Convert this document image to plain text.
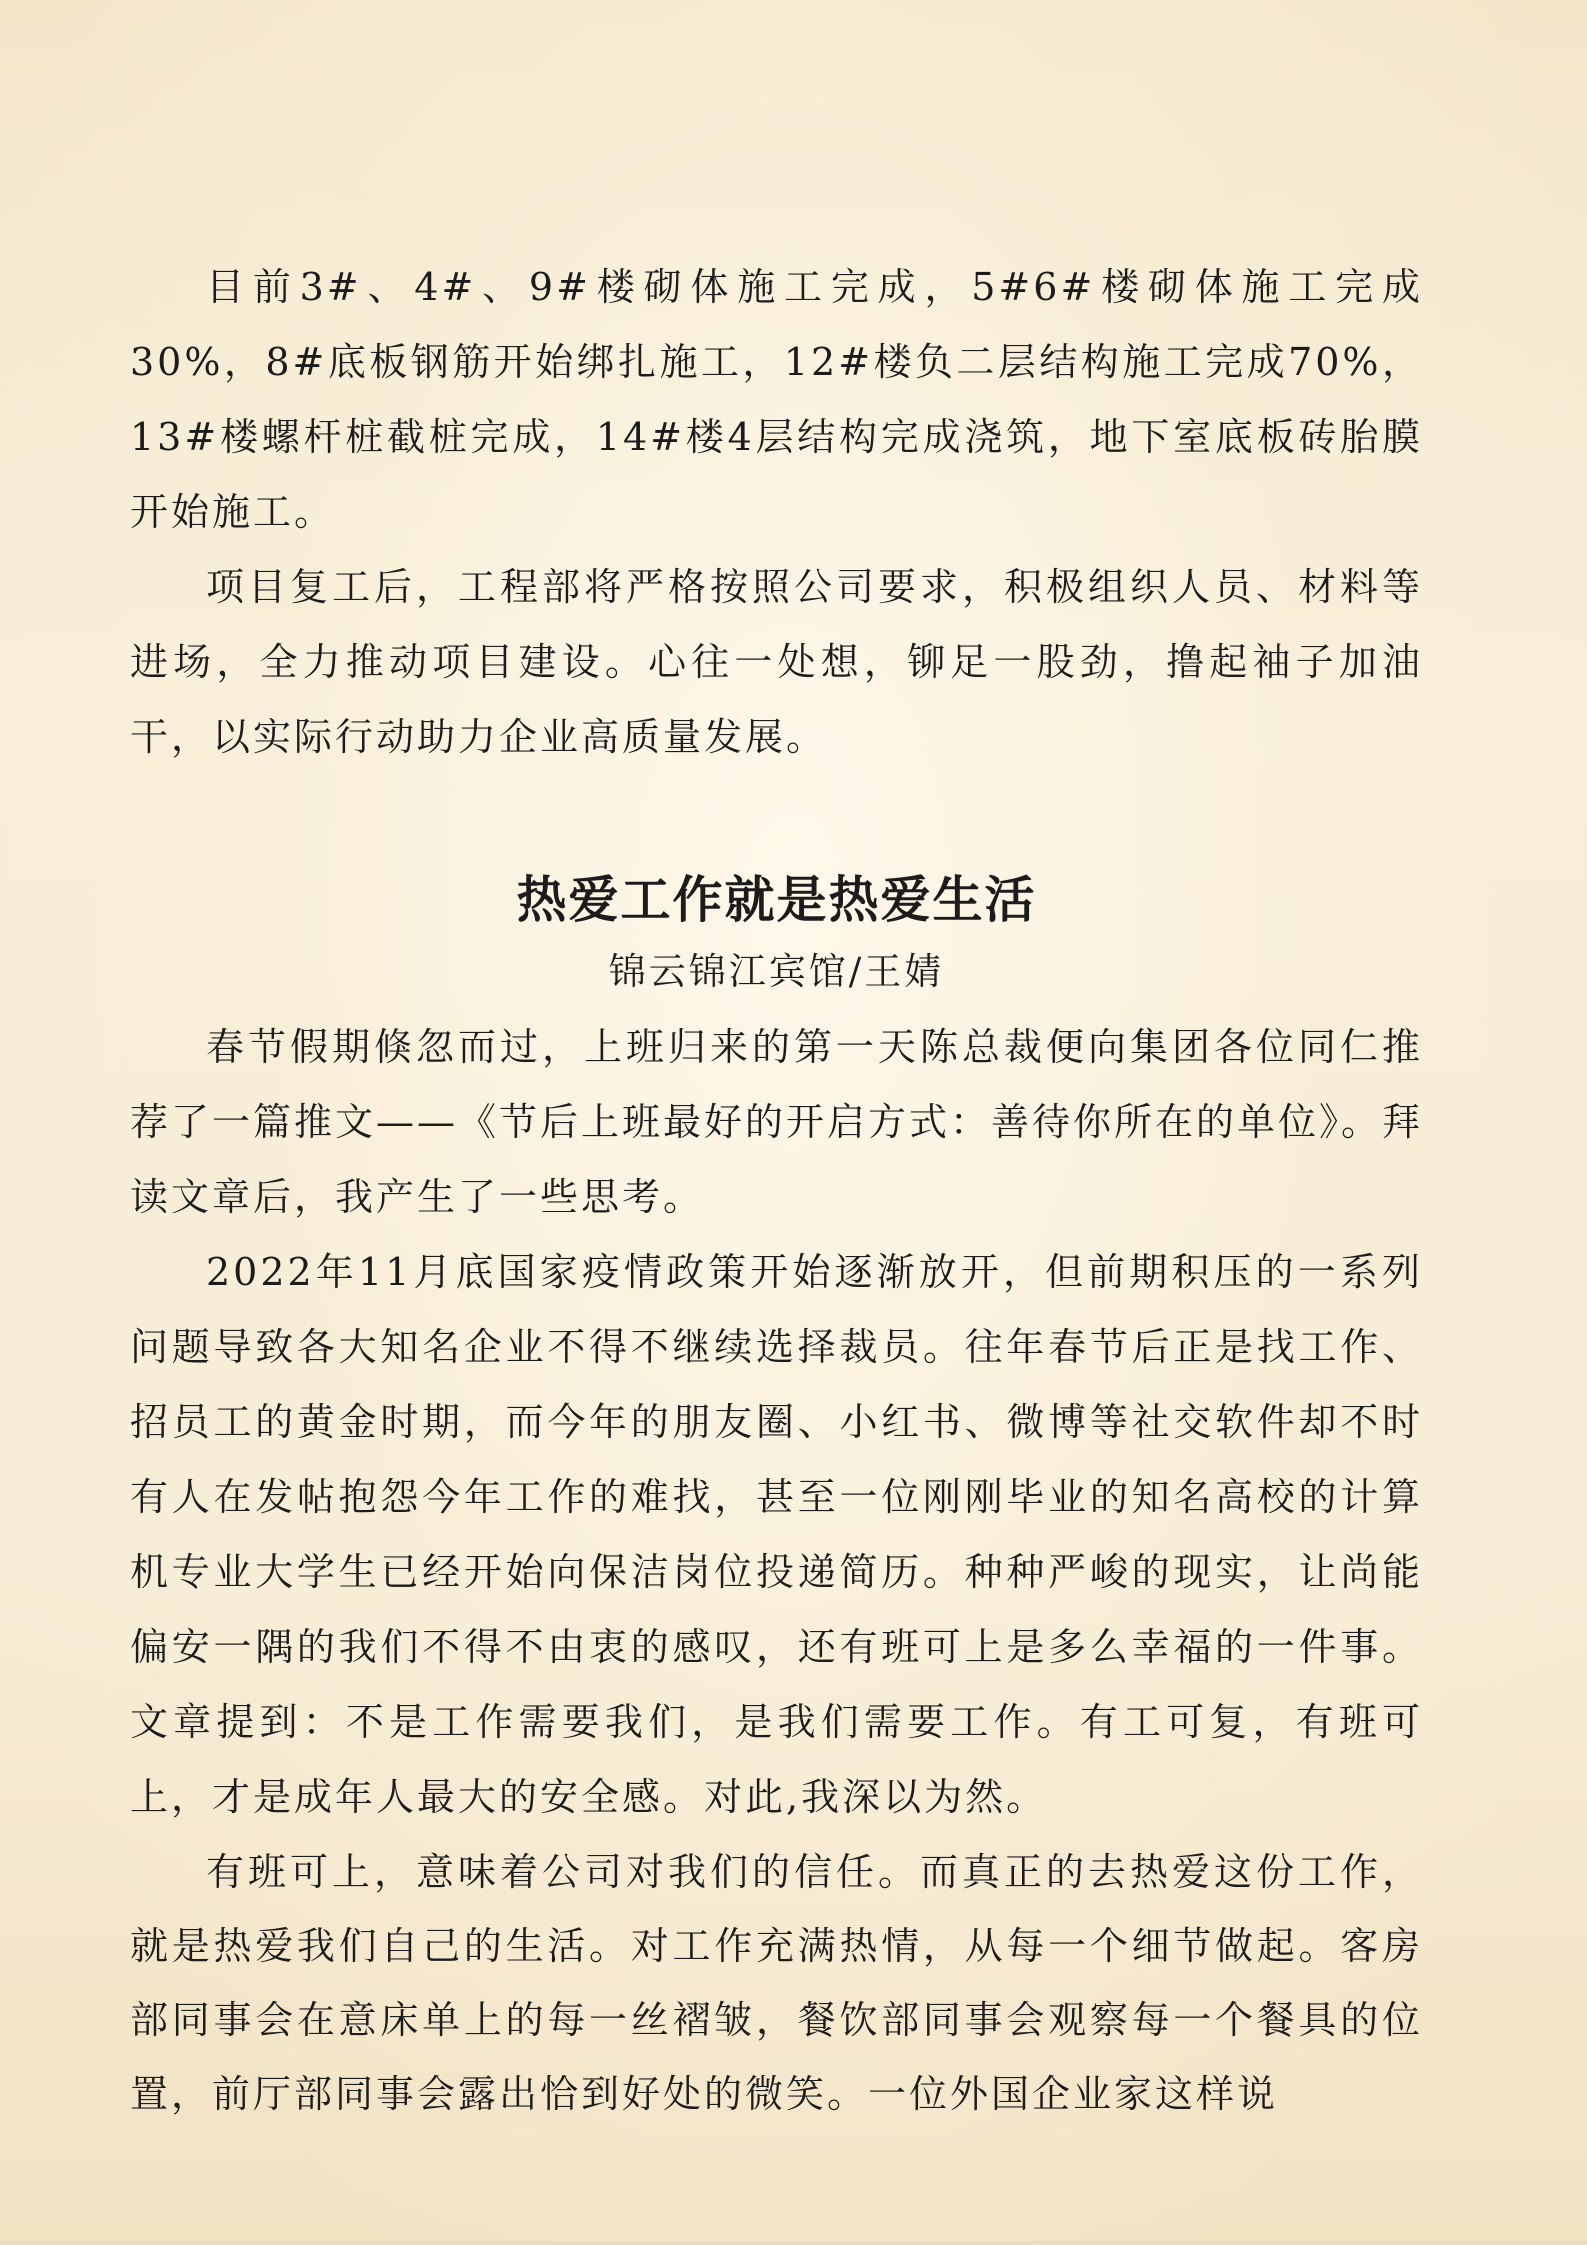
目前3#、4#、9#楼砌体施工完成，5#6#楼砌体施工完成30%，8#底板钢筋开始绑扎施工，12#楼负二层结构施工完成70%，13#楼螺杆桩截桩完成，14#楼4层结构完成浇筑，地下室底板砖胎膜开始施工。

项目复工后，工程部将严格按照公司要求，积极组织人员、材料等进场，全力推动项目建设。心往一处想，铆足一股劲，撸起袖子加油干，以实际行动助力企业高质量发展。

热爱工作就是热爱生活

锦云锦江宾馆/王婧

春节假期倏忽而过，上班归来的第一天陈总裁便向集团各位同仁推荐了一篇推文——《节后上班最好的开启方式：善待你所在的单位》。拜读文章后，我产生了一些思考。

2022年11月底国家疫情政策开始逐渐放开，但前期积压的一系列问题导致各大知名企业不得不继续选择裁员。往年春节后正是找工作、招员工的黄金时期，而今年的朋友圈、小红书、微博等社交软件却不时有人在发帖抱怨今年工作的难找，甚至一位刚刚毕业的知名高校的计算机专业大学生已经开始向保洁岗位投递简历。种种严峻的现实，让尚能偏安一隅的我们不得不由衷的感叹，还有班可上是多么幸福的一件事。文章提到：不是工作需要我们，是我们需要工作。有工可复，有班可上，才是成年人最大的安全感。对此,我深以为然。

有班可上，意味着公司对我们的信任。而真正的去热爱这份工作，就是热爱我们自己的生活。对工作充满热情，从每一个细节做起。客房部同事会在意床单上的每一丝褶皱，餐饮部同事会观察每一个餐具的位置，前厅部同事会露出恰到好处的微笑。一位外国企业家这样说
